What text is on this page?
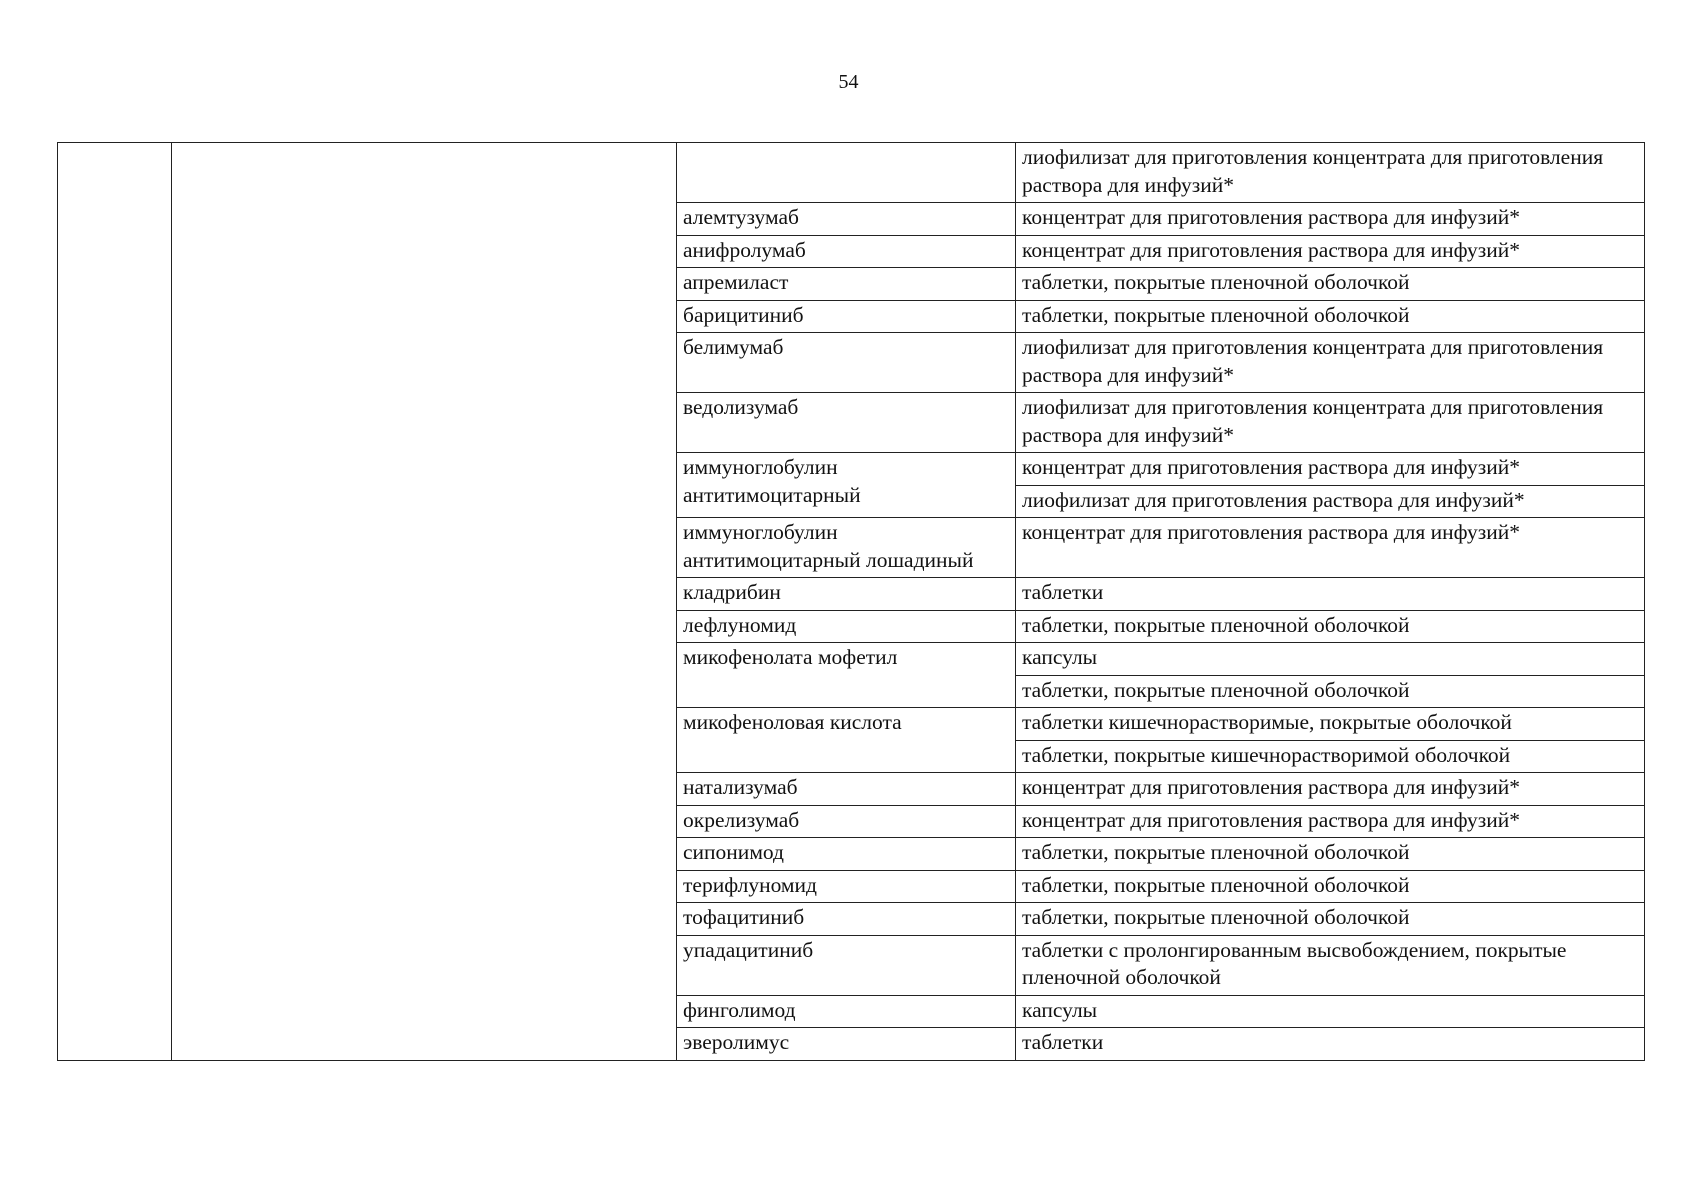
54
			лиофилизат для приготовления концентрата для приготовления раствора для инфузий*
		алемтузумаб	концентрат для приготовления раствора для инфузий*
		анифролумаб	концентрат для приготовления раствора для инфузий*
		апремиласт	таблетки, покрытые пленочной оболочкой
		барицитиниб	таблетки, покрытые пленочной оболочкой
		белимумаб	лиофилизат для приготовления концентрата для приготовления раствора для инфузий*
		ведолизумаб	лиофилизат для приготовления концентрата для приготовления раствора для инфузий*
		иммуноглобулин антитимоцитарный	концентрат для приготовления раствора для инфузий*
			лиофилизат для приготовления раствора для инфузий*
		иммуноглобулин антитимоцитарный лошадиный	концентрат для приготовления раствора для инфузий*
		кладрибин	таблетки
		лефлуномид	таблетки, покрытые пленочной оболочкой
		микофенолата мофетил	капсулы
			таблетки, покрытые пленочной оболочкой
		микофеноловая кислота	таблетки кишечнорастворимые, покрытые оболочкой
			таблетки, покрытые кишечнорастворимой оболочкой
		натализумаб	концентрат для приготовления раствора для инфузий*
		окрелизумаб	концентрат для приготовления раствора для инфузий*
		сипонимод	таблетки, покрытые пленочной оболочкой
		терифлуномид	таблетки, покрытые пленочной оболочкой
		тофацитиниб	таблетки, покрытые пленочной оболочкой
		упадацитиниб	таблетки с пролонгированным высвобождением, покрытые пленочной оболочкой
		финголимод	капсулы
		эверолимус	таблетки
